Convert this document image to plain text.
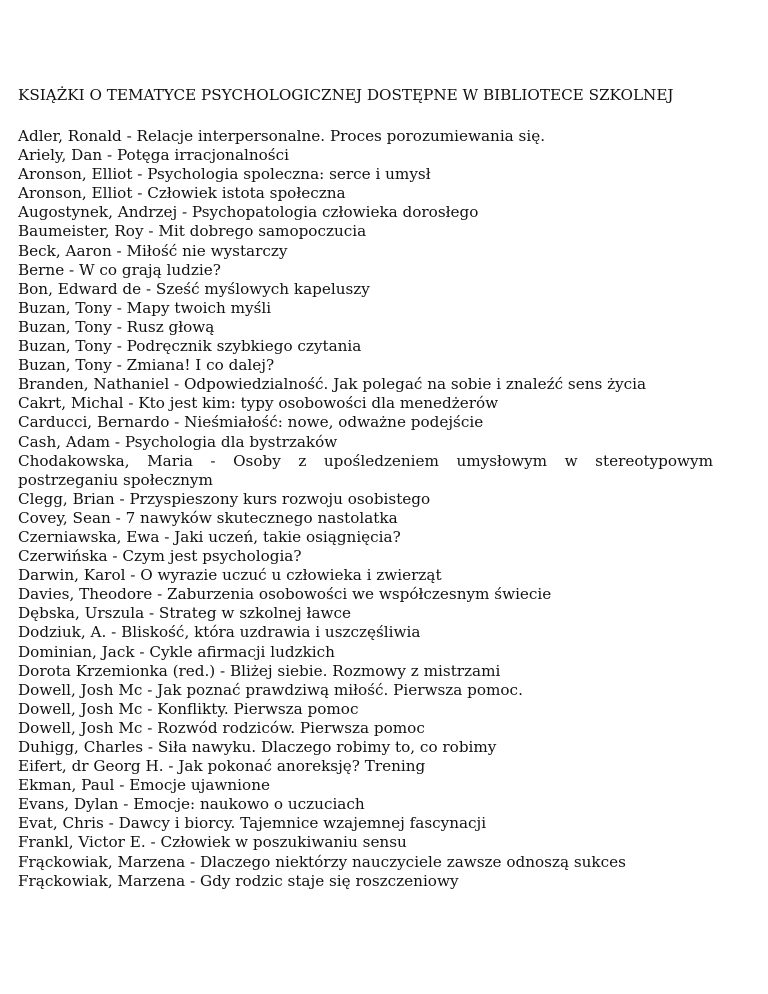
KSIĄŻKI O TEMATYCE PSYCHOLOGICZNEJ DOSTĘPNE W BIBLIOTECE SZKOLNEJ
Adler, Ronald - Relacje interpersonalne. Proces porozumiewania się.
Ariely, Dan - Potęga irracjonalności
Aronson, Elliot - Psychologia spoleczna: serce i umysł
Aronson, Elliot - Człowiek istota społeczna
Augostynek, Andrzej - Psychopatologia człowieka dorosłego
Baumeister, Roy - Mit dobrego samopoczucia
Beck, Aaron - Miłość nie wystarczy
Berne - W co grają ludzie?
Bon, Edward de - Sześć myślowych kapeluszy
Buzan, Tony - Mapy twoich myśli
Buzan, Tony - Rusz głową
Buzan, Tony - Podręcznik szybkiego czytania
Buzan, Tony - Zmiana! I co dalej?
Branden, Nathaniel - Odpowiedzialność. Jak polegać na sobie i znaleźć sens życia
Cakrt, Michal - Kto jest kim: typy osobowości dla menedżerów
Carducci, Bernardo - Nieśmiałość: nowe, odważne podejście
Cash, Adam - Psychologia dla bystrzaków
Chodakowska, Maria - Osoby z upośledzeniem umysłowym w stereotypowym postrzeganiu społecznym
Clegg, Brian - Przyspieszony kurs rozwoju osobistego
Covey, Sean - 7 nawyków skutecznego nastolatka
Czerniawska, Ewa - Jaki uczeń, takie osiągnięcia?
Czerwińska - Czym jest psychologia?
Darwin, Karol - O wyrazie uczuć u człowieka i zwierząt
Davies, Theodore - Zaburzenia osobowości we współczesnym świecie
Dębska, Urszula - Strateg w szkolnej ławce
Dodziuk, A. - Bliskość, która uzdrawia i uszczęśliwia
Dominian, Jack - Cykle afirmacji ludzkich
Dorota Krzemionka (red.) - Bliżej siebie. Rozmowy z mistrzami
Dowell, Josh Mc - Jak poznać prawdziwą miłość. Pierwsza pomoc.
Dowell, Josh Mc - Konflikty. Pierwsza pomoc
Dowell, Josh Mc - Rozwód rodziców. Pierwsza pomoc
Duhigg, Charles - Siła nawyku. Dlaczego robimy to, co robimy
Eifert, dr Georg H. - Jak pokonać anoreksję? Trening
Ekman, Paul - Emocje ujawnione
Evans, Dylan - Emocje: naukowo o uczuciach
Evat, Chris - Dawcy i biorcy. Tajemnice wzajemnej fascynacji
Frankl, Victor E. - Człowiek w poszukiwaniu sensu
Frąckowiak, Marzena - Dlaczego niektórzy nauczyciele zawsze odnoszą sukces
Frąckowiak, Marzena - Gdy rodzic staje się roszczeniowy
